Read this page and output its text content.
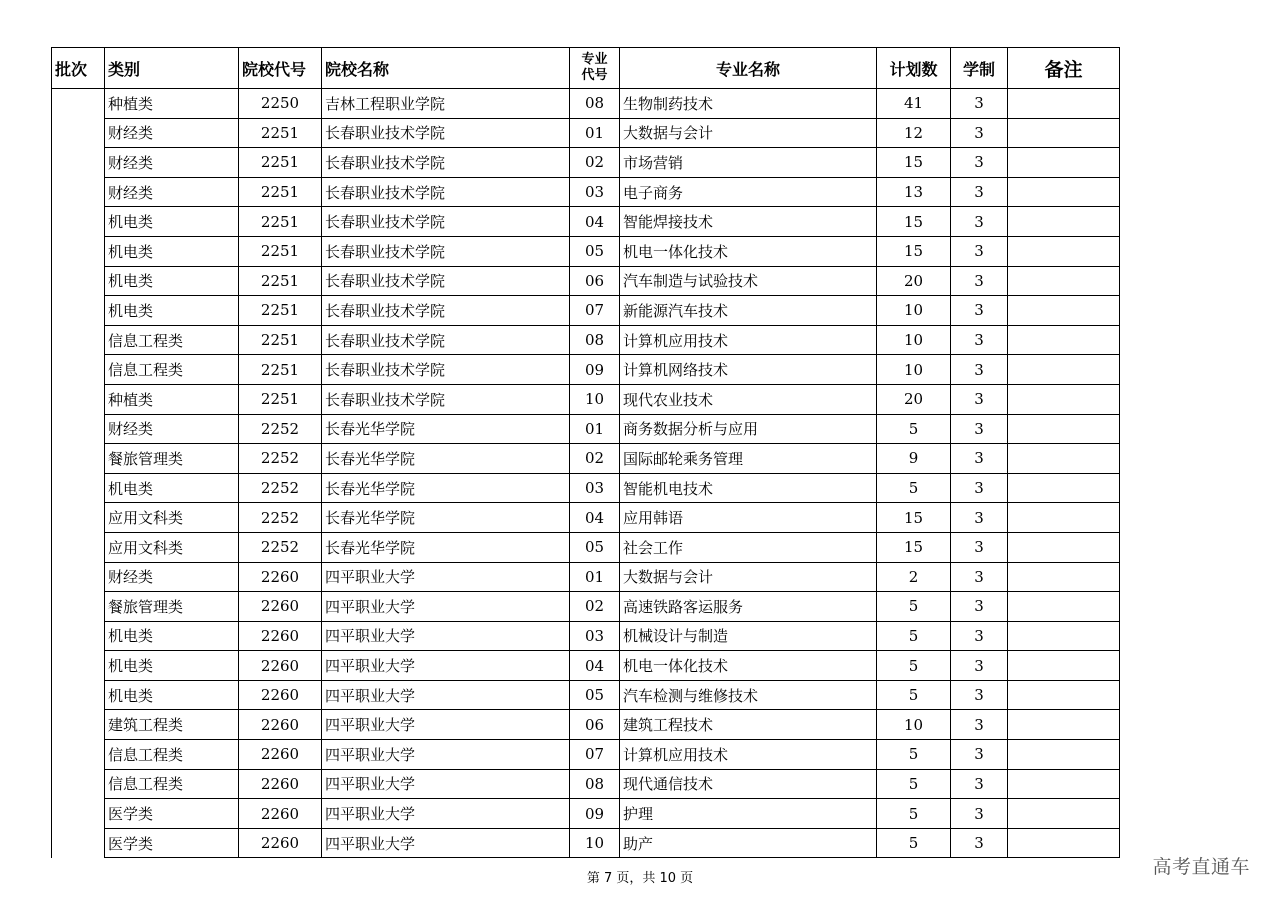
批次	类别	院校代号	院校名称	专业
代号	专业名称	计划数	学制	备注
	种植类	2250	吉林工程职业学院	08	生物制药技术	41	3	
	财经类	2251	长春职业技术学院	01	大数据与会计	12	3	
	财经类	2251	长春职业技术学院	02	市场营销	15	3	
	财经类	2251	长春职业技术学院	03	电子商务	13	3	
	机电类	2251	长春职业技术学院	04	智能焊接技术	15	3	
	机电类	2251	长春职业技术学院	05	机电一体化技术	15	3	
	机电类	2251	长春职业技术学院	06	汽车制造与试验技术	20	3	
	机电类	2251	长春职业技术学院	07	新能源汽车技术	10	3	
	信息工程类	2251	长春职业技术学院	08	计算机应用技术	10	3	
	信息工程类	2251	长春职业技术学院	09	计算机网络技术	10	3	
	种植类	2251	长春职业技术学院	10	现代农业技术	20	3	
	财经类	2252	长春光华学院	01	商务数据分析与应用	5	3	
	餐旅管理类	2252	长春光华学院	02	国际邮轮乘务管理	9	3	
	机电类	2252	长春光华学院	03	智能机电技术	5	3	
	应用文科类	2252	长春光华学院	04	应用韩语	15	3	
	应用文科类	2252	长春光华学院	05	社会工作	15	3	
	财经类	2260	四平职业大学	01	大数据与会计	2	3	
	餐旅管理类	2260	四平职业大学	02	高速铁路客运服务	5	3	
	机电类	2260	四平职业大学	03	机械设计与制造	5	3	
	机电类	2260	四平职业大学	04	机电一体化技术	5	3	
	机电类	2260	四平职业大学	05	汽车检测与维修技术	5	3	
	建筑工程类	2260	四平职业大学	06	建筑工程技术	10	3	
	信息工程类	2260	四平职业大学	07	计算机应用技术	5	3	
	信息工程类	2260	四平职业大学	08	现代通信技术	5	3	
	医学类	2260	四平职业大学	09	护理	5	3	
	医学类	2260	四平职业大学	10	助产	5	3	
第 7 页，共 10 页
高考直通车
